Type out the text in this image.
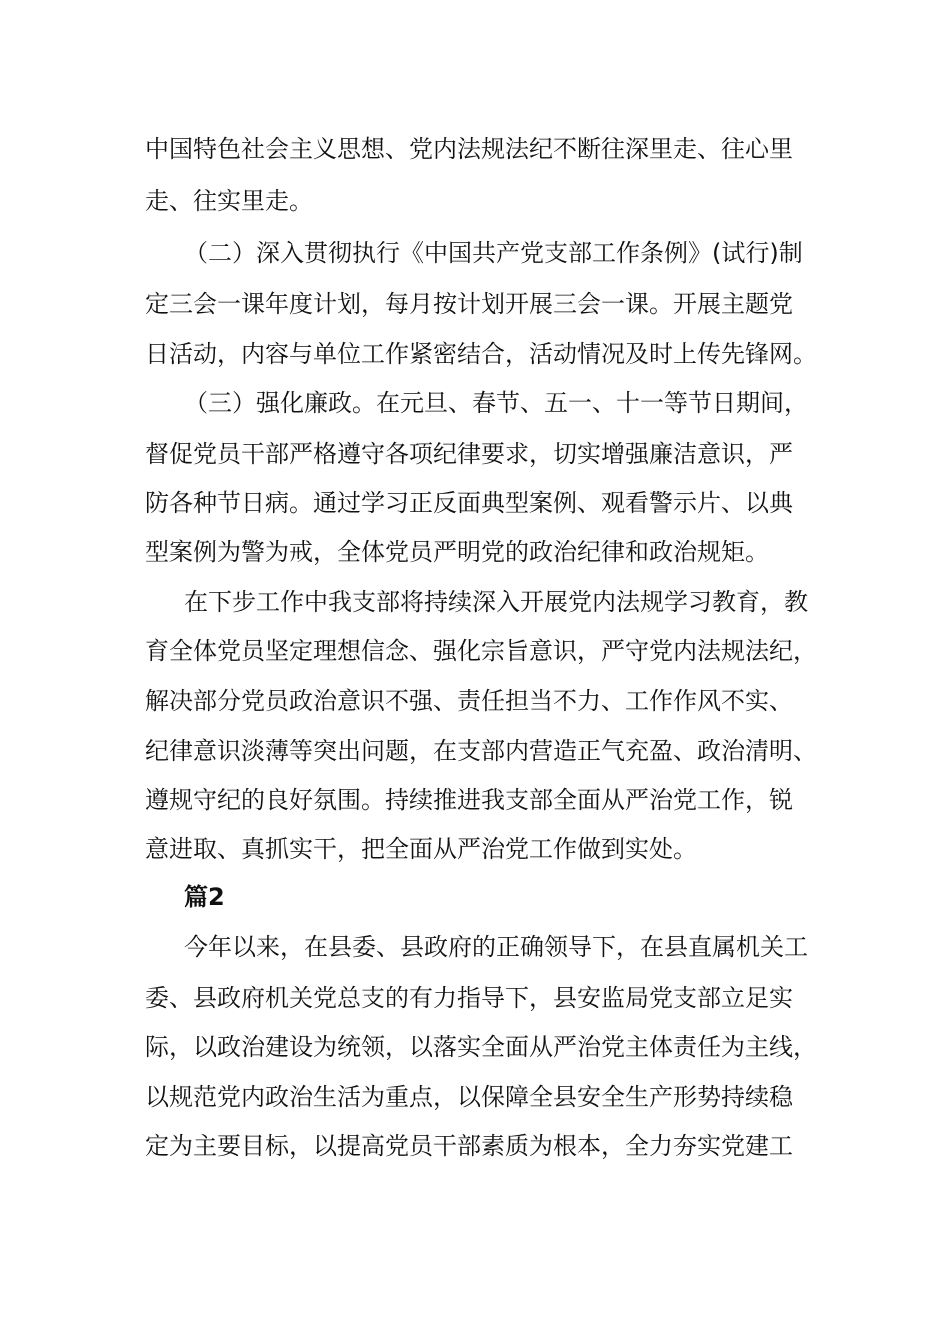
中国特色社会主义思想、党内法规法纪不断往深里走、往心里
走、往实里走。
（二）深入贯彻执行《中国共产党支部工作条例》(试行)制
定三会一课年度计划，每月按计划开展三会一课。开展主题党
日活动，内容与单位工作紧密结合，活动情况及时上传先锋网。
（三）强化廉政。在元旦、春节、五一、十一等节日期间，
督促党员干部严格遵守各项纪律要求，切实增强廉洁意识，严
防各种节日病。通过学习正反面典型案例、观看警示片、以典
型案例为警为戒，全体党员严明党的政治纪律和政治规矩。
在下步工作中我支部将持续深入开展党内法规学习教育，教
育全体党员坚定理想信念、强化宗旨意识，严守党内法规法纪，
解决部分党员政治意识不强、责任担当不力、工作作风不实、
纪律意识淡薄等突出问题，在支部内营造正气充盈、政治清明、
遵规守纪的良好氛围。持续推进我支部全面从严治党工作，锐
意进取、真抓实干，把全面从严治党工作做到实处。
篇2
今年以来，在县委、县政府的正确领导下，在县直属机关工
委、县政府机关党总支的有力指导下，县安监局党支部立足实
际，以政治建设为统领，以落实全面从严治党主体责任为主线，
以规范党内政治生活为重点，以保障全县安全生产形势持续稳
定为主要目标，以提高党员干部素质为根本，全力夯实党建工
